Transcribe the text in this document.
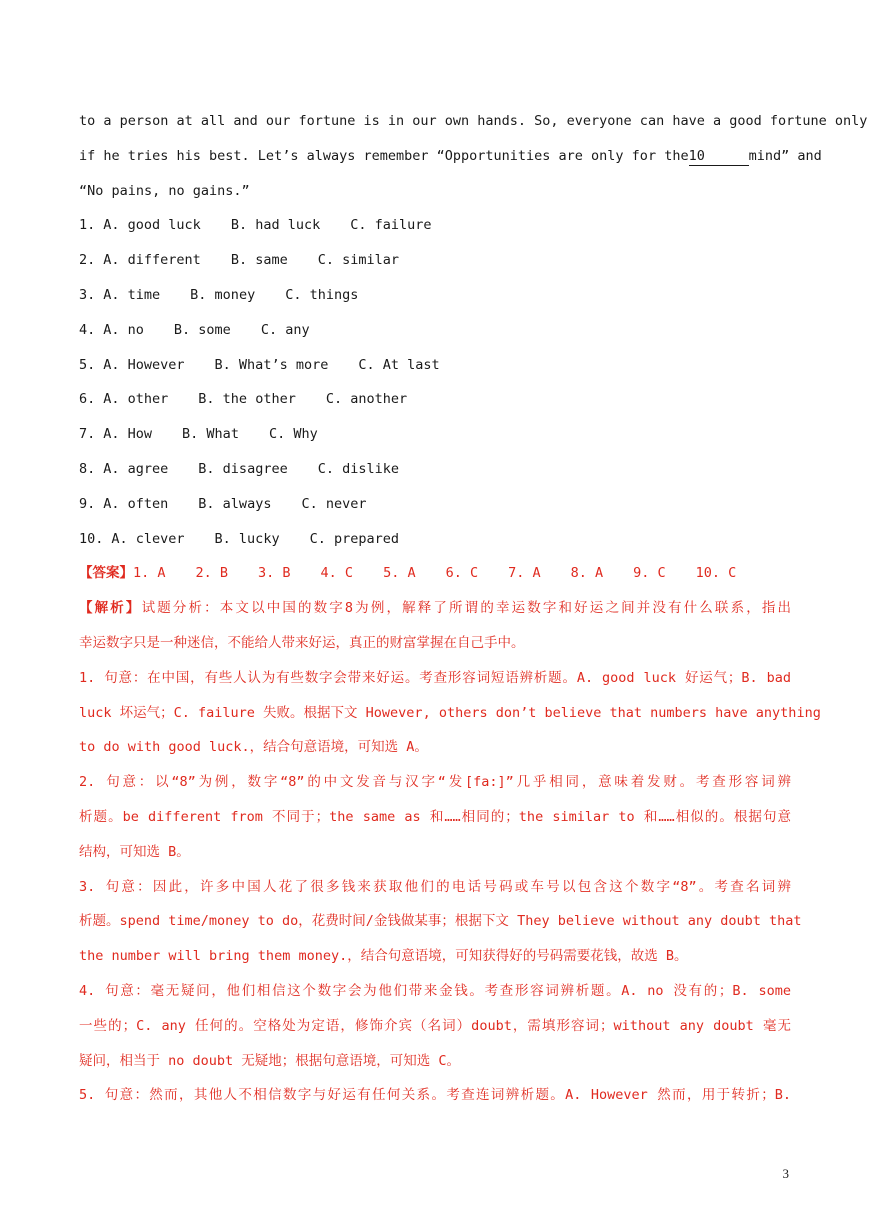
to a person at all and our fortune is in our own hands. So, everyone can have a good fortune only
if he tries his best. Let’s always remember “Opportunities are only for the10	mind” and
“No pains, no gains.”
1. A. good luck B. had luck C. failure
2. A. different B. same C. similar
3. A. time B. money C. things
4. A. no B. some C. any
5. A. However B. What’s more C. At last
6. A. other B. the other C. another
7. A. How B. What C. Why
8. A. agree B. disagree C. dislike
9. A. often B. always C. never
10. A. clever B. lucky C. prepared
【答案】1. A 2. B 3. B 4. C 5. A 6. C 7. A 8. A 9. C 10. C
【解析】试题分析：本文以中国的数字8为例，解释了所谓的幸运数字和好运之间并没有什么联系，指出
幸运数字只是一种迷信，不能给人带来好运，真正的财富掌握在自己手中。
1. 句意：在中国，有些人认为有些数字会带来好运。考查形容词短语辨析题。A. good luck 好运气；B. bad
luck 坏运气；C. failure 失败。根据下文 However, others don’t believe that numbers have anything
to do with good luck.，结合句意语境，可知选 A。
2. 句意：以“8”为例，数字“8”的中文发音与汉字“发[fa:]”几乎相同，意味着发财。考查形容词辨
析题。be different from 不同于；the same as 和……相同的；the similar to 和……相似的。根据句意
结构，可知选 B。
3. 句意：因此，许多中国人花了很多钱来获取他们的电话号码或车号以包含这个数字“8”。考查名词辨
析题。spend time/money to do，花费时间/金钱做某事；根据下文 They believe without any doubt that
the number will bring them money.，结合句意语境，可知获得好的号码需要花钱，故选 B。
4. 句意：毫无疑问，他们相信这个数字会为他们带来金钱。考查形容词辨析题。A. no 没有的；B. some
一些的；C. any 任何的。空格处为定语，修饰介宾（名词）doubt，需填形容词；without any doubt 毫无
疑问，相当于 no doubt 无疑地；根据句意语境，可知选 C。
5. 句意：然而，其他人不相信数字与好运有任何关系。考查连词辨析题。A. However 然而，用于转折；B.
3
